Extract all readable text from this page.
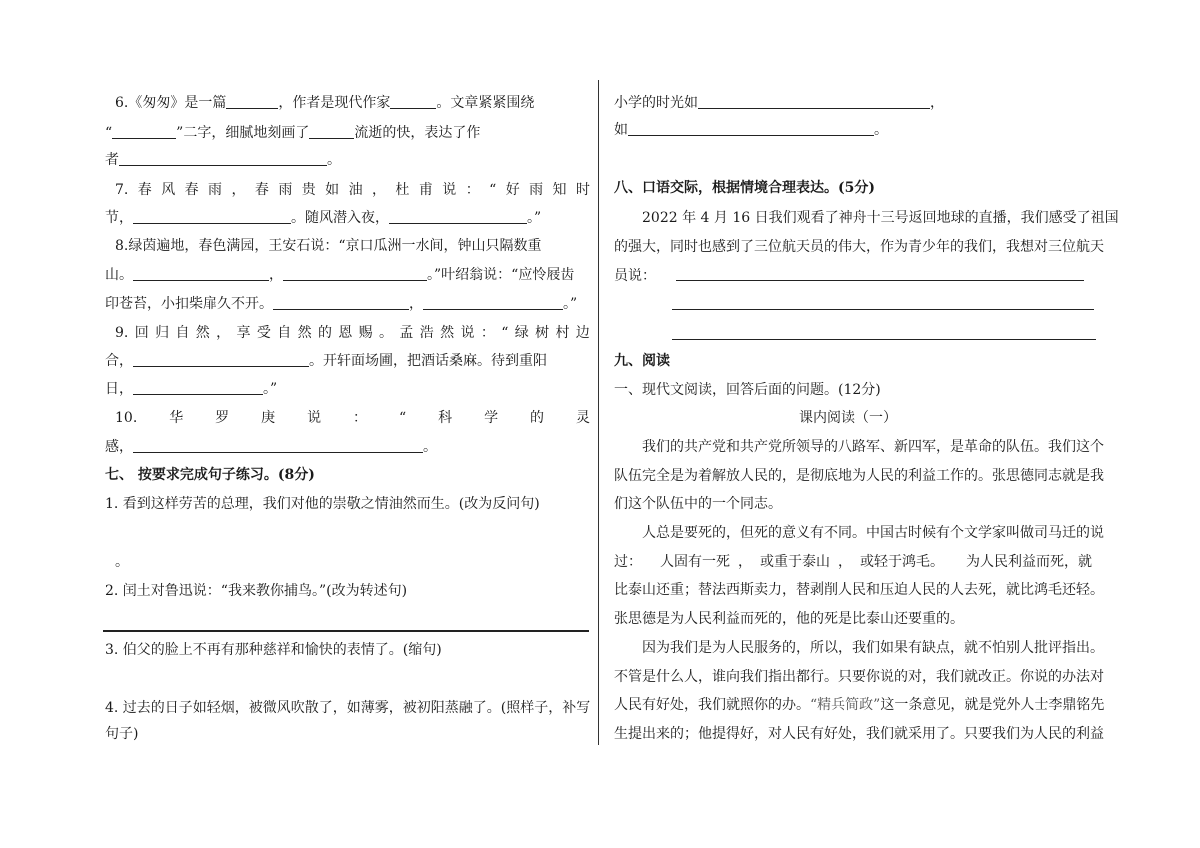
6.《匆匆》是一篇	，作者是现代作家	。文章紧紧围绕
“	”二字，细腻地刻画了	流逝的快，表达了作
者	。
7. 春 风 春 雨 ， 春 雨 贵 如 油 ， 杜 甫 说 ： “ 好 雨 知 时
节，	。随风潜入夜，	。”
8.绿茵遍地，春色满园，王安石说：“京口瓜洲一水间，钟山只隔数重
山。	，	。”叶绍翁说：“应怜屐齿
印苍苔，小扣柴扉久不开。	，	。”
9. 回 归 自 然 ， 享 受 自 然 的 恩 赐 。 孟 浩 然 说 ： “ 绿 树 村 边
合，	。开轩面场圃，把酒话桑麻。待到重阳
日，	。”
10. 华 罗 庚 说 ： “ 科 学 的 灵
感，	。
七、 按要求完成句子练习。(8分)
1. 看到这样劳苦的总理，我们对他的崇敬之情油然而生。(改为反问句)
。
2. 闰土对鲁迅说：“我来教你捕鸟。”(改为转述句)
3. 伯父的脸上不再有那种慈祥和愉快的表情了。(缩句)
4. 过去的日子如轻烟，被微风吹散了，如薄雾，被初阳蒸融了。(照样子，补写
句子)
小学的时光如	，
如	。
八、口语交际，根据情境合理表达。(5分)
2022 年 4 月 16 日我们观看了神舟十三号返回地球的直播，我们感受了祖国
的强大，同时也感到了三位航天员的伟大，作为青少年的我们，我想对三位航天
员说：
九、阅读
一、现代文阅读，回答后面的问题。(12分)
课内阅读（一）
我们的共产党和共产党所领导的八路军、新四军，是革命的队伍。我们这个
队伍完全是为着解放人民的，是彻底地为人民的利益工作的。张思德同志就是我
们这个队伍中的一个同志。
人总是要死的，但死的意义有不同。中国古时候有个文学家叫做司马迁的说
过： 人固有一死 ， 或重于泰山 ， 或轻于鸿毛。 为人民利益而死，就
比泰山还重；替法西斯卖力，替剥削人民和压迫人民的人去死，就比鸿毛还轻。
张思德是为人民利益而死的，他的死是比泰山还要重的。
因为我们是为人民服务的，所以，我们如果有缺点，就不怕别人批评指出。
不管是什么人，谁向我们指出都行。只要你说的对，我们就改正。你说的办法对
人民有好处，我们就照你的办。“精兵简政”这一条意见，就是党外人士李鼎铭先
生提出来的；他提得好，对人民有好处，我们就采用了。只要我们为人民的利益
